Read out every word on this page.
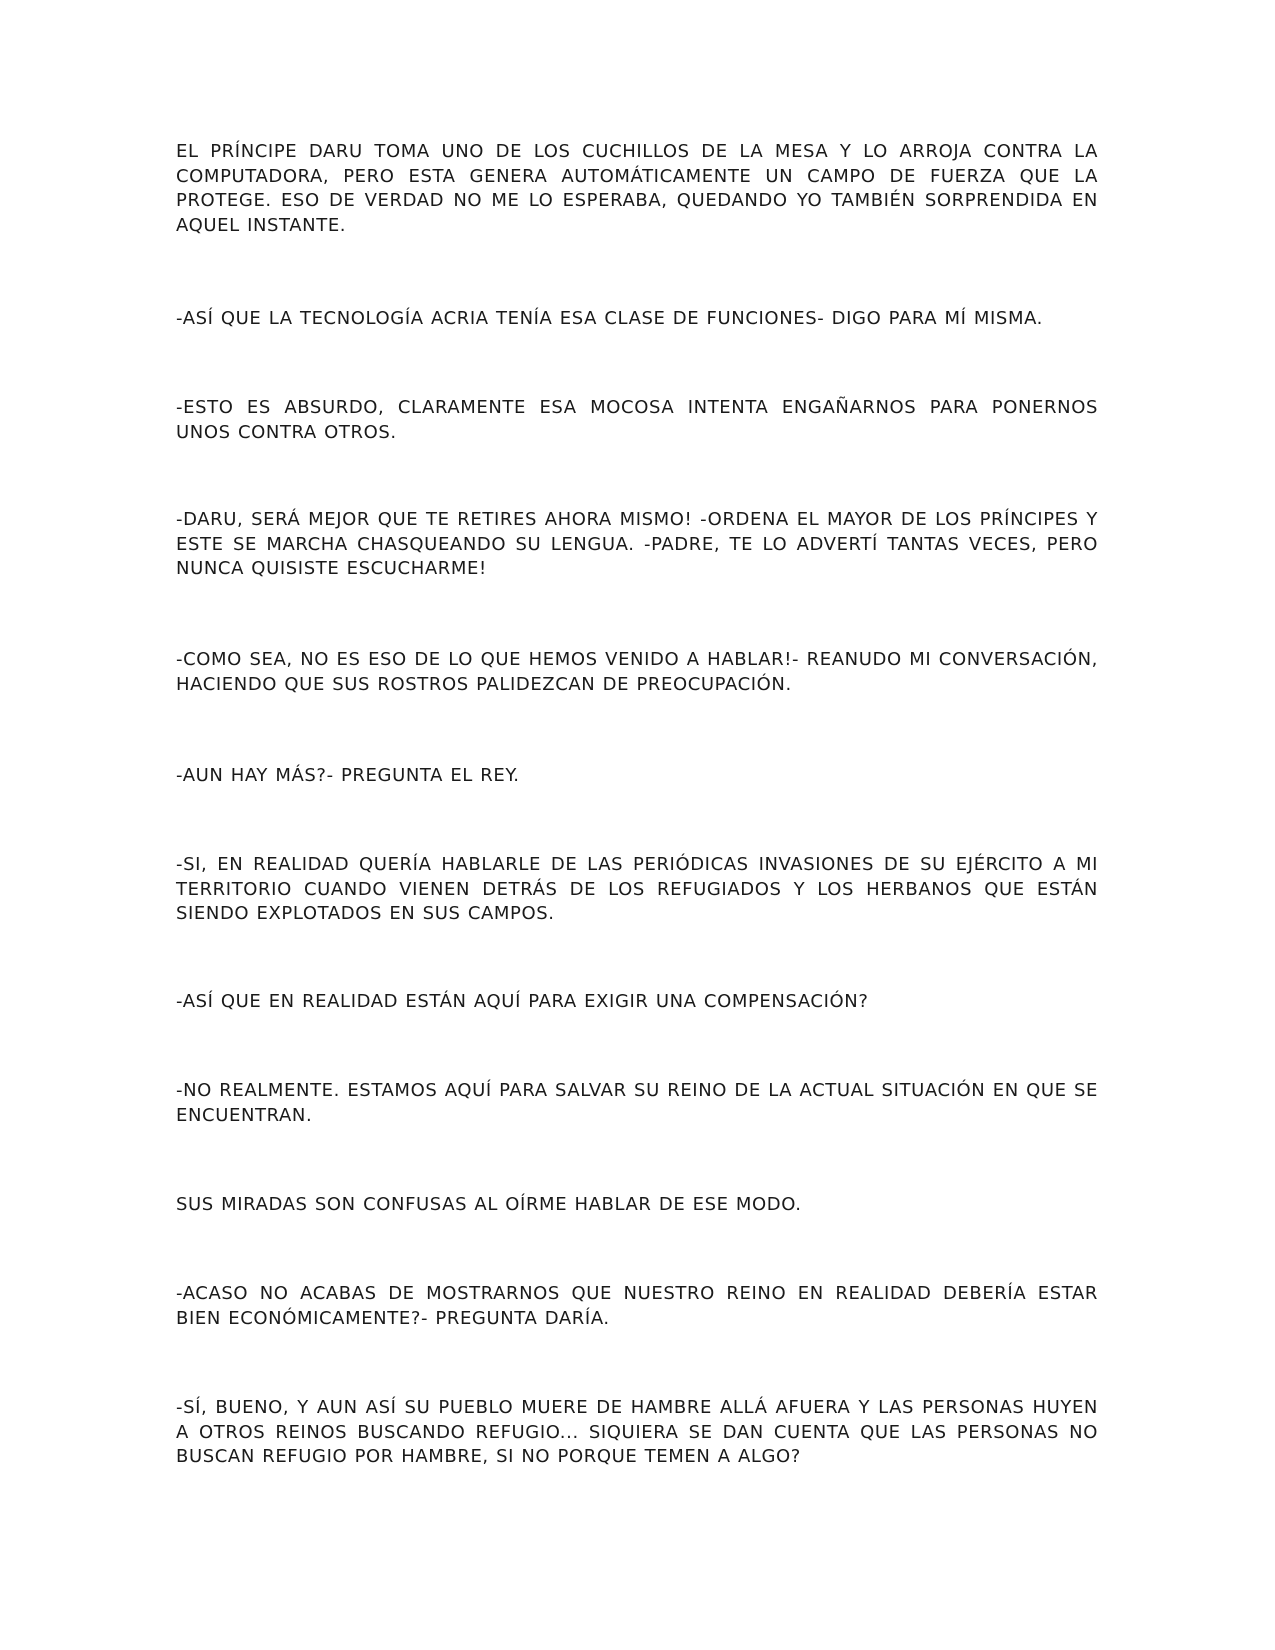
EL PRÍNCIPE DARU TOMA UNO DE LOS CUCHILLOS DE LA MESA Y LO ARROJA CONTRA LA COMPUTADORA, PERO ESTA GENERA AUTOMÁTICAMENTE UN CAMPO DE FUERZA QUE LA PROTEGE. ESO DE VERDAD NO ME LO ESPERABA, QUEDANDO YO TAMBIÉN SORPRENDIDA EN AQUEL INSTANTE.

-ASÍ QUE LA TECNOLOGÍA ACRIA TENÍA ESA CLASE DE FUNCIONES- DIGO PARA MÍ MISMA.

-ESTO ES ABSURDO, CLARAMENTE ESA MOCOSA INTENTA ENGAÑARNOS PARA PONERNOS UNOS CONTRA OTROS.

-DARU, SERÁ MEJOR QUE TE RETIRES AHORA MISMO! -ORDENA EL MAYOR DE LOS PRÍNCIPES Y ESTE SE MARCHA CHASQUEANDO SU LENGUA. -PADRE, TE LO ADVERTÍ TANTAS VECES, PERO NUNCA QUISISTE ESCUCHARME!

-COMO SEA, NO ES ESO DE LO QUE HEMOS VENIDO A HABLAR!- REANUDO MI CONVERSACIÓN, HACIENDO QUE SUS ROSTROS PALIDEZCAN DE PREOCUPACIÓN.

-AUN HAY MÁS?- PREGUNTA EL REY.

-SI, EN REALIDAD QUERÍA HABLARLE DE LAS PERIÓDICAS INVASIONES DE SU EJÉRCITO A MI TERRITORIO CUANDO VIENEN DETRÁS DE LOS REFUGIADOS Y LOS HERBANOS QUE ESTÁN SIENDO EXPLOTADOS EN SUS CAMPOS.

-ASÍ QUE EN REALIDAD ESTÁN AQUÍ PARA EXIGIR UNA COMPENSACIÓN?

-NO REALMENTE. ESTAMOS AQUÍ PARA SALVAR SU REINO DE LA ACTUAL SITUACIÓN EN QUE SE ENCUENTRAN.

SUS MIRADAS SON CONFUSAS AL OÍRME HABLAR DE ESE MODO.

-ACASO NO ACABAS DE MOSTRARNOS QUE NUESTRO REINO EN REALIDAD DEBERÍA ESTAR BIEN ECONÓMICAMENTE?- PREGUNTA DARÍA.

-SÍ, BUENO, Y AUN ASÍ SU PUEBLO MUERE DE HAMBRE ALLÁ AFUERA Y LAS PERSONAS HUYEN A OTROS REINOS BUSCANDO REFUGIO... SIQUIERA SE DAN CUENTA QUE LAS PERSONAS NO BUSCAN REFUGIO POR HAMBRE, SI NO PORQUE TEMEN A ALGO?
